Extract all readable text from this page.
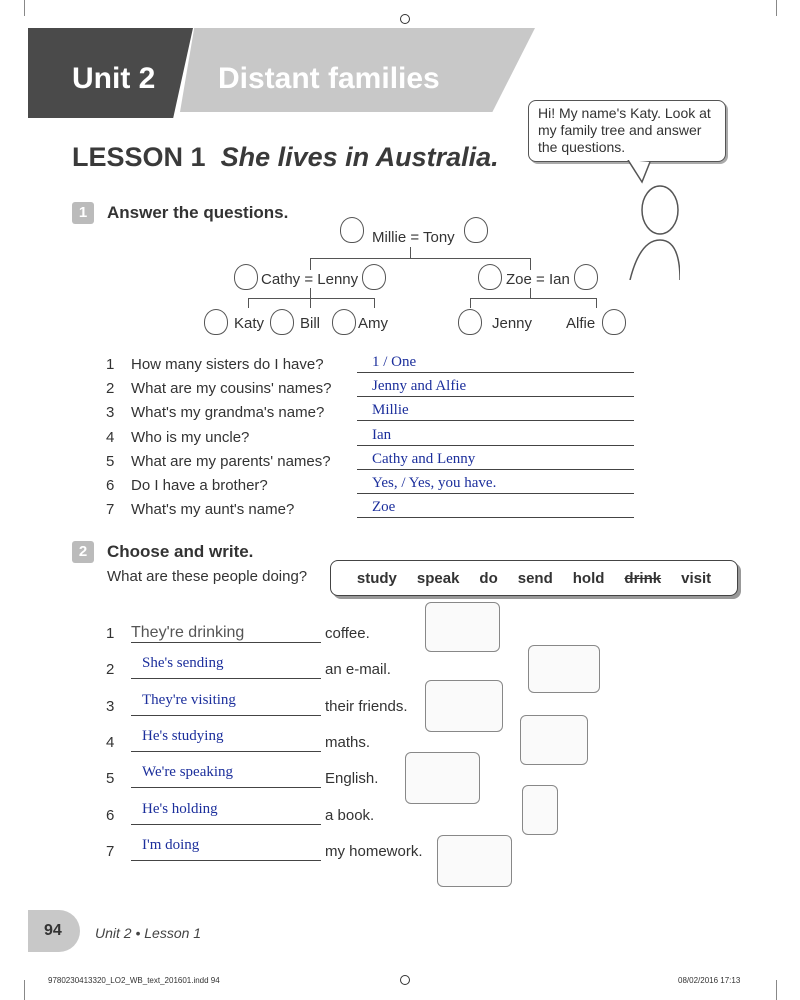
Unit 2 Distant families
Hi! My name's Katy. Look at my family tree and answer the questions.
LESSON 1 She lives in Australia.
1	Answer the questions.
Millie = Tony
Cathy = Lenny	Zoe = Ian
Katy Bill	Amy	Jenny Alfie
1 How many sisters do I have?	1 / One
2 What are my cousins' names?	Jenny and Alfie
3 What's my grandma's name?	Millie
4 Who is my uncle?	Ian
5 What are my parents' names?	Cathy and Lenny
6 Do I have a brother?	Yes, / Yes, you have.
7 What's my aunt's name?	Zoe
2	Choose and write.
What are these people doing?	study speak do send hold drink visit
1 They're drinking	coffee.
2 She's sending	an e-mail.
3 They're visiting	their friends.
4 He's studying	maths.
5 We're speaking	English.
6 He's holding	a book.
7 I'm doing	my homework.
94	Unit 2 • Lesson 1
9780230413320_LO2_WB_text_201601.indd 94	08/02/2016 17:13
